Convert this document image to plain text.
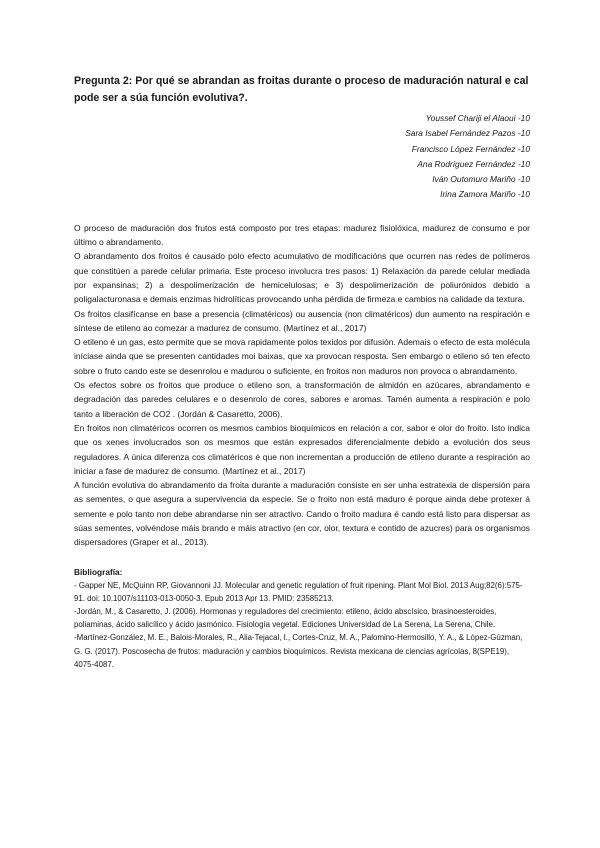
Pregunta 2: Por qué se abrandan as froitas durante o proceso de maduración natural e cal pode ser a súa función evolutiva?.
Youssef Chariji el Alaoui -10
Sara Isabel Fernández Pazos -10
Francisco López Fernández -10
Ana Rodríguez Fernández -10
Iván Outomuro Mariño -10
Irina Zamora Mariño -10

O proceso de maduración dos frutos está composto por tres etapas: madurez fisiolóxica, madurez de consumo e por último o abrandamento.

O abrandamento dos froitos é causado polo efecto acumulativo de modificacións que ocurren nas redes de polímeros que constitúen a parede celular primaria. Este proceso involucra tres pasos: 1) Relaxación da parede celular mediada por expansinas; 2) a despolimerización de hemicelulosas; e 3) despolimerización de poliurónidos debido a poligalacturonasa e demais enzimas hidrolíticas provocando unha pérdida de firmeza e cambios na calidade da textura.

Os froitos clasifícanse en base a presencia (climatéricos) ou ausencia (non climatéricos) dun aumento na respiración e síntese de etileno ao comezar a madurez de consumo. (Martínez et al., 2017)

O etileno é un gas, esto permite que se mova rapidamente polos texidos por difusión. Ademais o efecto de esta molécula iníciase ainda que se presenten cantidades moi baixas, que xa provocan resposta. Sen embargo o etileno só ten efecto sobre o fruto cando este se desenrolou e madurou o suficiente, en froitos non maduros non provoca o abrandamento.

Os efectos sobre os froitos que produce o etileno son, a transformación de almidón en azúcares, abrandamento e degradación das paredes celulares e o desenrolo de cores, sabores e aromas. Tamén aumenta a respiración e polo tanto a liberación de CO2 . (Jordán & Casaretto, 2006).

En froitos non climatéricos ocorren os mesmos cambios bioquímicos en relación a cor, sabor e olor do froito. Isto indica que os xenes involucrados son os mesmos que están expresados diferencialmente debido a evolución dos seus reguladores. A única diferenza cos climatéricos é que non incrementan a producción de etileno durante a respiración ao iniciar a fase de madurez de consumo. (Martínez et al., 2017)

A función evolutiva do abrandamento da froita durante a maduración consiste en ser unha estratexia de dispersión para as sementes, o que asegura a supervivencia da especie. Se o froito non está maduro é porque ainda debe protexer á semente e polo tanto non debe abrandarse nin ser atractivo. Cando o froito madura é cando está listo para dispersar as súas sementes, volvéndose máis brando e máis atractivo (en cor, olor, textura e contido de azucres) para os organismos dispersadores (Graper et al., 2013).

Bibliografía:

- Gapper NE, McQuinn RP, Giovannoni JJ. Molecular and genetic regulation of fruit ripening. Plant Mol Biol. 2013 Aug;82(6):575-91. doi: 10.1007/s11103-013-0050-3. Epub 2013 Apr 13. PMID: 23585213.

-Jordán, M., & Casaretto, J. (2006). Hormonas y reguladores del crecimiento: etileno, ácido abscísico, brasinoesteroides, poliaminas, ácido salicílico y ácido jasmónico. Fisiología vegetal. Ediciones Universidad de La Serena, La Serena, Chile.

-Martínez-González, M. E., Balois-Morales, R., Alia-Tejacal, I., Cortes-Cruz, M. A., Palomino-Hermosillo, Y. A., & López-Gúzman, G. G. (2017). Poscosecha de frutos: maduración y cambios bioquímicos. Revista mexicana de ciencias agrícolas, 8(SPE19), 4075-4087.
